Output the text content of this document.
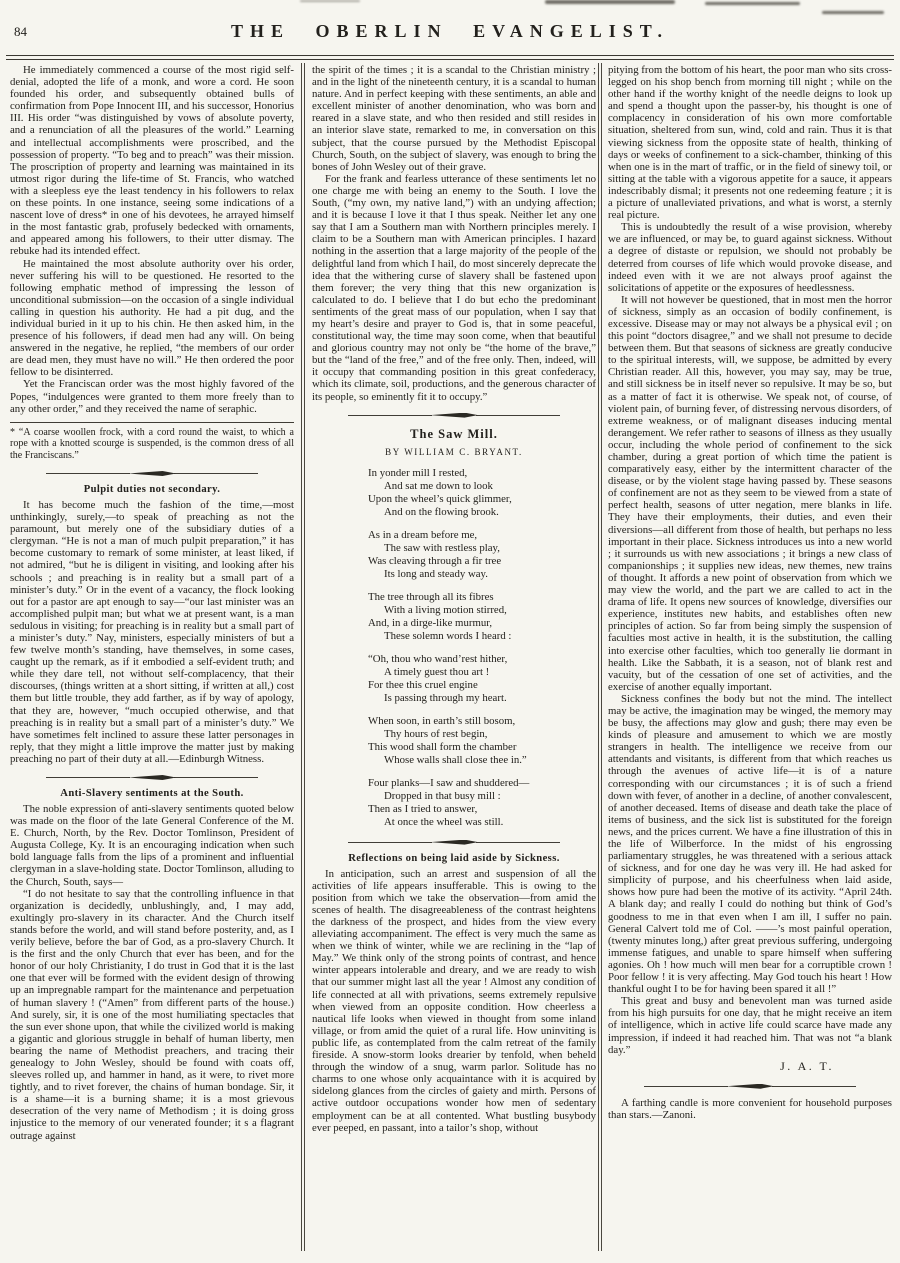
84	THE OBERLIN EVANGELIST.
He immediately commenced a course of the most rigid self-denial, adopted the life of a monk, and wore a cord. He soon founded his order, and subsequently obtained bulls of confirmation from Pope Innocent III, and his successor, Honorius III. His order “was distinguished by vows of absolute poverty, and a renunciation of all the pleasures of the world.” Learning and intellectual accomplishments were proscribed, and the possession of property. “To beg and to preach” was their mission. The proscription of property and learning was maintained in its utmost rigor during the life-time of St. Francis, who watched with a sleepless eye the least tendency in his followers to relax on these points. In one instance, seeing some indications of a nascent love of dress* in one of his devotees, he arrayed himself in the most fantastic grab, profusely bedecked with ornaments, and appeared among his followers, to their utter dismay. The rebuke had its intended effect.
He maintained the most absolute authority over his order, never suffering his will to be questioned. He resorted to the following emphatic method of impressing the lesson of unconditional submission—on the occasion of a single individual calling in question his authority. He had a pit dug, and the individual buried in it up to his chin. He then asked him, in the presence of his followers, if dead men had any will. On being answered in the negative, he replied, “the members of our order are dead men, they must have no will.” He then ordered the poor fellow to be disinterred.
Yet the Franciscan order was the most highly favored of the Popes, “indulgences were granted to them more freely than to any other order,” and they received the name of seraphic.
* “A coarse woollen frock, with a cord round the waist, to which a rope with a knotted scourge is suspended, is the common dress of all the Franciscans.”
Pulpit duties not secondary.
It has become much the fashion of the time,—most unthinkingly, surely,—to speak of preaching as not the paramount, but merely one of the subsidiary duties of a clergyman. “He is not a man of much pulpit preparation,” it has become customary to remark of some minister, at least liked, if not admired, “but he is diligent in visiting, and looking after his schools ; and preaching is in reality but a small part of a minister’s duty.” Or in the event of a vacancy, the flock looking out for a pastor are apt enough to say—“our last minister was an accomplished pulpit man; but what we at present want, is a man sedulous in visiting; for preaching is in reality but a small part of a minister’s duty.” Nay, ministers, especially ministers of but a few twelve month’s standing, have themselves, in some cases, caught up the remark, as if it embodied a self-evident truth; and while they dare tell, not without self-complacency, that their discourses, (things written at a short sitting, if written at all,) cost them but little trouble, they add farther, as if by way of apology, that they are, however, “much occupied otherwise, and that preaching is in reality but a small part of a minister’s duty.” We have sometimes felt inclined to assure these latter personages in reply, that they might a little improve the matter just by making preaching no part of their duty at all.—Edinburgh Witness.
Anti-Slavery sentiments at the South.
The noble expression of anti-slavery sentiments quoted below was made on the floor of the late General Conference of the M. E. Church, North, by the Rev. Doctor Tomlinson, President of Augusta College, Ky. It is an encouraging indication when such bold language falls from the lips of a prominent and influential clergyman in a slave-holding state. Doctor Tomlinson, alluding to the Church, South, says—
“I do not hesitate to say that the controlling influence in that organization is decidedly, unblushingly, and, I may add, exultingly pro-slavery in its character. And the Church itself stands before the world, and will stand before posterity, and, as I verily believe, before the bar of God, as a pro-slavery Church. It is the first and the only Church that ever has been, and for the honor of our holy Christianity, I do trust in God that it is the last one that ever will be formed with the evident design of throwing up an impregnable rampart for the maintenance and perpetuation of human slavery ! (“Amen” from different parts of the house.) And surely, sir, it is one of the most humiliating spectacles that the sun ever shone upon, that while the civilized world is making a gigantic and glorious struggle in behalf of human liberty, men bearing the name of Methodist preachers, and tracing their genealogy to John Wesley, should be found with coats off, sleeves rolled up, and hammer in hand, as it were, to rivet more tightly, and to rivet forever, the chains of human bondage. Sir, it is a shame—it is a burning shame; it is a most grievous desecration of the very name of Methodism ; it is doing gross injustice to the memory of our venerated founder; it s a flagrant outrage against
the spirit of the times ; it is a scandal to the Christian ministry ; and in the light of the nineteenth century, it is a scandal to human nature. And in perfect keeping with these sentiments, an able and excellent minister of another denomination, who was born and reared in a slave state, and who then resided and still resides in an interior slave state, remarked to me, in conversation on this subject, that the course pursued by the Methodist Episcopal Church, South, on the subject of slavery, was enough to bring the bones of John Wesley out of their grave.
For the frank and fearless utterance of these sentiments let no one charge me with being an enemy to the South. I love the South, (“my own, my native land,”) with an undying affection; and it is because I love it that I thus speak. Neither let any one say that I am a Southern man with Northern principles merely. I claim to be a Southern man with American principles. I hazard nothing in the assertion that a large majority of the people of the delightful land from which I hail, do most sincerely deprecate the idea that the withering curse of slavery shall be fastened upon them forever; the very thing that this new organization is calculated to do. I believe that I do but echo the predominant sentiments of the great mass of our population, when I say that my heart’s desire and prayer to God is, that in some peaceful, constitutional way, the time may soon come, when that beautiful and glorious country may not only be “the home of the brave,” but the “land of the free,” and of the free only. Then, indeed, will it occupy that commanding position in this great confederacy, which its climate, soil, productions, and the generous character of its people, so eminently fit it to occupy.”
The Saw Mill.
BY WILLIAM C. BRYANT.
In yonder mill I rested,
And sat me down to look
Upon the wheel’s quick glimmer,
And on the flowing brook.
As in a dream before me,
The saw with restless play,
Was cleaving through a fir tree
Its long and steady way.
The tree through all its fibres
With a living motion stirred,
And, in a dirge-like murmur,
These solemn words I heard :
“Oh, thou who wand’rest hither,
A timely guest thou art !
For thee this cruel engine
Is passing through my heart.
When soon, in earth’s still bosom,
Thy hours of rest begin,
This wood shall form the chamber
Whose walls shall close thee in.”
Four planks—I saw and shuddered—
Dropped in that busy mill :
Then as I tried to answer,
At once the wheel was still.
Reflections on being laid aside by Sickness.
In anticipation, such an arrest and suspension of all the activities of life appears insufferable. This is owing to the position from which we take the observation—from amid the scenes of health. The disagreeableness of the contrast heightens the darkness of the prospect, and hides from the view every alleviating accompaniment. The effect is very much the same as when we think of winter, while we are reclining in the “lap of May.” We think only of the strong points of contrast, and hence winter appears intolerable and dreary, and we are ready to wish that our summer might last all the year ! Almost any condition of life connected at all with privations, seems extremely repulsive when viewed from an opposite condition. How cheerless a nautical life looks when viewed in thought from some inland village, or from amid the quiet of a rural life. How uninviting is public life, as contemplated from the calm retreat of the family fireside. A snow-storm looks drearier by tenfold, when beheld through the window of a snug, warm parlor. Solitude has no charms to one whose only acquaintance with it is acquired by sidelong glances from the circles of gaiety and mirth. Persons of active outdoor occupations wonder how men of sedentary employment can be at all contented. What bustling busybody ever peeped, en passant, into a tailor’s shop, without
pitying from the bottom of his heart, the poor man who sits cross-legged on his shop bench from morning till night ; while on the other hand if the worthy knight of the needle deigns to look up and spend a thought upon the passer-by, his thought is one of complacency in consideration of his own more comfortable situation, sheltered from sun, wind, cold and rain. Thus it is that viewing sickness from the opposite state of health, thinking of days or weeks of confinement to a sick-chamber, thinking of this when one is in the mart of traffic, or in the field of sinewy toil, or sitting at the table with a vigorous appetite for a sauce, it appears indescribably dismal; it presents not one redeeming feature ; it is a picture of unalleviated privations, and what is worst, a sternly real picture.
This is undoubtedly the result of a wise provision, whereby we are influenced, or may be, to guard against sickness. Without a degree of distaste or repulsion, we should not probably be deterred from courses of life which would provoke disease, and indeed even with it we are not always proof against the solicitations of appetite or the exposures of heedlessness.
It will not however be questioned, that in most men the horror of sickness, simply as an occasion of bodily confinement, is excessive. Disease may or may not always be a physical evil ; on this point “doctors disagree,” and we shall not presume to decide between them. But that seasons of sickness are greatly conducive to the spiritual interests, will, we suppose, be admitted by every Christian reader. All this, however, you may say, may be true, and still sickness be in itself never so repulsive. It may be so, but as a matter of fact it is otherwise. We speak not, of course, of violent pain, of burning fever, of distressing nervous disorders, of extreme weakness, or of malignant diseases inducing mental derangement. We refer rather to seasons of illness as they usually occur, including the whole period of confinement to the sick chamber, during a great portion of which time the patient is comparatively easy, either by the intermittent character of the disease, or by the violent stage having passed by. These seasons of confinement are not as they seem to be viewed from a state of perfect health, seasons of utter negation, mere blanks in life. They have their employments, their duties, and even their diversions—all different from those of health, but perhaps no less important in their place. Sickness introduces us into a new world ; it surrounds us with new associations ; it brings a new class of companionships ; it supplies new ideas, new themes, new trains of thought. It affords a new point of observation from which we may view the world, and the part we are called to act in the drama of life. It opens new sources of knowledge, diversifies our experience, institutes new habits, and establishes often new principles of action. So far from being simply the suspension of faculties most active in health, it is the substitution, the calling into exercise other faculties, which too generally lie dormant in health. Like the Sabbath, it is a season, not of blank rest and vacuity, but of the cessation of one set of activities, and the exercise of another equally important.
Sickness confines the body but not the mind. The intellect may be active, the imagination may be winged, the memory may be busy, the affections may glow and gush; there may even be kinds of pleasure and amusement to which we are mostly strangers in health. The intelligence we receive from our attendants and visitants, is different from that which reaches us through the avenues of active life—it is of a nature corresponding with our circumstances ; it is of such a friend down with fever, of another in a decline, of another convalescent, of another deceased. Items of disease and death take the place of items of business, and the sick list is substituted for the foreign news, and the prices current. We have a fine illustration of this in the life of Wilberforce. In the midst of his engrossing parliamentary struggles, he was threatened with a serious attack of sickness, and for one day he was very ill. He had asked for simplicity of purpose, and his cheerfulness when laid aside, shows how pure had been the motive of its activity. “April 24th. A blank day; and really I could do nothing but think of God’s goodness to me in that even when I am ill, I suffer no pain. General Calvert told me of Col. ——’s most painful operation, (twenty minutes long,) after great previous suffering, undergoing immense fatigues, and unable to spare himself when suffering agonies. Oh ! how much will men bear for a corruptible crown ! Poor fellow ! it is very affecting. May God touch his heart ! How thankful ought I to be for having been spared it all !”
This great and busy and benevolent man was turned aside from his high pursuits for one day, that he might receive an item of intelligence, which in active life could scarce have made any impression, if indeed it had reached him. That was not “a blank day.”
J. A. T.
A farthing candle is more convenient for household purposes than stars.—Zanoni.
